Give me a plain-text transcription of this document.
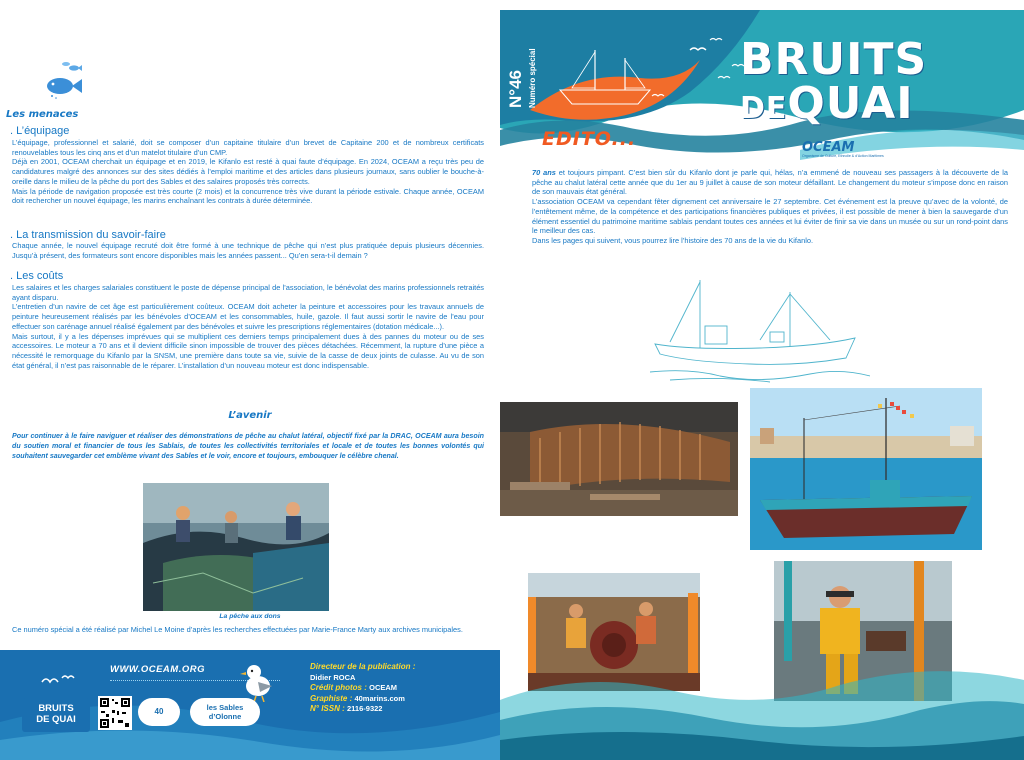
Les menaces
. L’équipage
L’équipage, professionnel et salarié, doit se composer d’un capitaine titulaire d’un brevet de Capitaine 200 et de nombreux certificats renouvelables tous les cinq ans et d’un matelot titulaire d’un CMP.
Déjà en 2001, OCEAM cherchait un équipage et en 2019, le Kifanlo est resté à quai faute d’équipage. En 2024, OCEAM a reçu très peu de candidatures malgré des annonces sur des sites dédiés à l’emploi maritime et des articles dans plusieurs journaux, sans oublier le bouche-à-oreille dans le milieu de la pêche du port des Sables et des salaires proposés très corrects.
Mais la période de navigation proposée est très courte (2 mois) et la concurrence très vive durant la période estivale. Chaque année, OCEAM doit rechercher un nouvel équipage, les marins enchaînant les contrats à durée déterminée.
. La transmission du savoir-faire
Chaque année, le nouvel équipage recruté doit être formé à une technique de pêche qui n’est plus pratiquée depuis plusieurs décennies. Jusqu’à présent, des formateurs sont encore disponibles mais les années passent... Qu’en sera-t-il demain ?
. Les coûts
Les salaires et les charges salariales constituent le poste de dépense principal de l’association, le bénévolat des marins professionnels retraités ayant disparu.
L’entretien d’un navire de cet âge est particulièrement coûteux. OCEAM doit acheter la peinture et accessoires pour les travaux annuels de peinture heureusement réalisés par les bénévoles d’OCEAM et les consommables, huile, gazole. Il faut aussi sortir le navire de l’eau pour effectuer son carénage annuel réalisé également par des bénévoles et suivre les prescriptions réglementaires (dotation médicale...).
Mais surtout, il y a les dépenses imprévues qui se multiplient ces derniers temps principalement dues à des pannes du moteur ou de ses accessoires. Le moteur a 70 ans et il devient difficile sinon impossible de trouver des pièces détachées. Récemment, la rupture d’une pièce a nécessité le remorquage du Kifanlo par la SNSM, une première dans toute sa vie, suivie de la casse de deux joints de culasse. Au vu de son état général, il n’est pas raisonnable de le réparer. L’installation d’un nouveau moteur est donc indispensable.
L’avenir
Pour continuer à le faire naviguer et réaliser des démonstrations de pêche au chalut latéral, objectif fixé par la DRAC, OCEAM aura besoin du soutien moral et financier de tous les Sablais, de toutes les collectivités territoriales et locale et de toutes les bonnes volontés qui souhaitent sauvegarder cet emblème vivant des Sables et le voir, encore et toujours, embouquer le célèbre chenal.
La pêche aux dons
Ce numéro spécial a été réalisé par Michel Le Moine d’après les recherches effectuées par Marie-France Marty aux archives municipales.
WWW.OCEAM.ORG
BRUITS
DE QUAI
40	les Sables
d’Olonne
Directeur de la publication :
Didier ROCA
Crédit photos : OCEAM
Graphiste : 40marins.com
N° ISSN : 2116-9322
N°46 Numéro spécial	BRUITS
DEQUAI
OCEAM
Organisme de Culture, Ethnolie & d’Action Maritimes
EDITO...
70 ans et toujours pimpant. C’est bien sûr du Kifanlo dont je parle qui, hélas, n’a emmené de nouveau ses passagers à la découverte de la pêche au chalut latéral cette année que du 1er au 9 juillet à cause de son moteur défaillant. Le changement du moteur s’impose donc en raison de son mauvais état général.
L’association OCEAM va cependant fêter dignement cet anniversaire le 27 septembre. Cet événement est la preuve qu’avec de la volonté, de l’entêtement même, de la compétence et des participations financières publiques et privées, il est possible de mener à bien la sauvegarde d’un élément essentiel du patrimoine maritime sablais pendant toutes ces années et lui éviter de finir sa vie dans un musée ou sur un rond-point dans le meilleur des cas.
Dans les pages qui suivent, vous pourrez lire l’histoire des 70 ans de la vie du Kifanlo.
